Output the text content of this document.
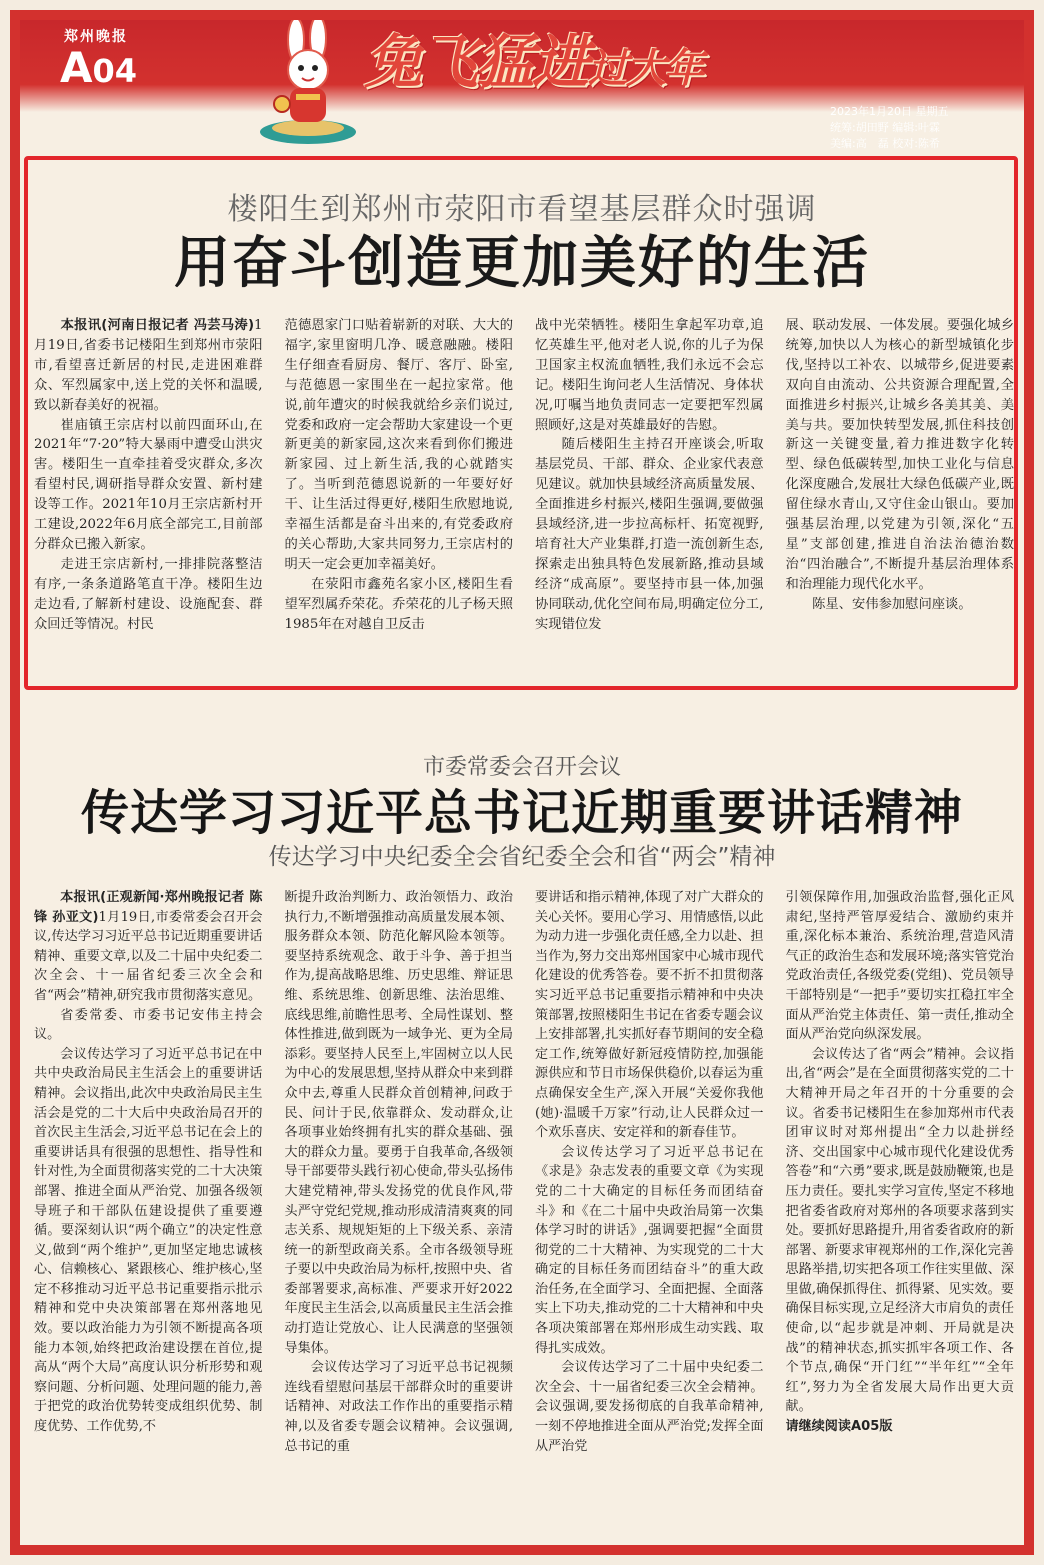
郑州晚报
A04	兔飞猛进过大年
2023年1月20日 星期五
统筹:胡田野 编辑:叶霖
美编:高　磊 校对:陈希
楼阳生到郑州市荥阳市看望基层群众时强调
用奋斗创造更加美好的生活

本报讯(河南日报记者 冯芸马涛)1月19日,省委书记楼阳生到郑州市荥阳市,看望喜迁新居的村民,走进困难群众、军烈属家中,送上党的关怀和温暖,致以新春美好的祝福。

崔庙镇王宗店村以前四面环山,在2021年“7·20”特大暴雨中遭受山洪灾害。楼阳生一直牵挂着受灾群众,多次看望村民,调研指导群众安置、新村建设等工作。2021年10月王宗店新村开工建设,2022年6月底全部完工,目前部分群众已搬入新家。

走进王宗店新村,一排排院落整洁有序,一条条道路笔直干净。楼阳生边走边看,了解新村建设、设施配套、群众回迁等情况。村民

范德恩家门口贴着崭新的对联、大大的福字,家里窗明几净、暖意融融。楼阳生仔细查看厨房、餐厅、客厅、卧室,与范德恩一家围坐在一起拉家常。他说,前年遭灾的时候我就给乡亲们说过,党委和政府一定会帮助大家建设一个更新更美的新家园,这次来看到你们搬进新家园、过上新生活,我的心就踏实了。当听到范德恩说新的一年要好好干、让生活过得更好,楼阳生欣慰地说,幸福生活都是奋斗出来的,有党委政府的关心帮助,大家共同努力,王宗店村的明天一定会更加幸福美好。

在荥阳市鑫苑名家小区,楼阳生看望军烈属乔荣花。乔荣花的儿子杨天照1985年在对越自卫反击

战中光荣牺牲。楼阳生拿起军功章,追忆英雄生平,他对老人说,你的儿子为保卫国家主权流血牺牲,我们永远不会忘记。楼阳生询问老人生活情况、身体状况,叮嘱当地负责同志一定要把军烈属照顾好,这是对英雄最好的告慰。

随后楼阳生主持召开座谈会,听取基层党员、干部、群众、企业家代表意见建议。就加快县域经济高质量发展、全面推进乡村振兴,楼阳生强调,要做强县域经济,进一步拉高标杆、拓宽视野,培育社大产业集群,打造一流创新生态,探索走出独具特色发展新路,推动县域经济“成高原”。要坚持市县一体,加强协同联动,优化空间布局,明确定位分工,实现错位发

展、联动发展、一体发展。要强化城乡统筹,加快以人为核心的新型城镇化步伐,坚持以工补农、以城带乡,促进要素双向自由流动、公共资源合理配置,全面推进乡村振兴,让城乡各美其美、美美与共。要加快转型发展,抓住科技创新这一关键变量,着力推进数字化转型、绿色低碳转型,加快工业化与信息化深度融合,发展壮大绿色低碳产业,既留住绿水青山,又守住金山银山。要加强基层治理,以党建为引领,深化“五星”支部创建,推进自治法治德治数治“四治融合”,不断提升基层治理体系和治理能力现代化水平。

陈星、安伟参加慰问座谈。

市委常委会召开会议
传达学习习近平总书记近期重要讲话精神
传达学习中央纪委全会省纪委全会和省“两会”精神

本报讯(正观新闻·郑州晚报记者 陈锋 孙亚文)1月19日,市委常委会召开会议,传达学习习近平总书记近期重要讲话精神、重要文章,以及二十届中央纪委二次全会、十一届省纪委三次全会和省“两会”精神,研究我市贯彻落实意见。

省委常委、市委书记安伟主持会议。

会议传达学习了习近平总书记在中共中央政治局民主生活会上的重要讲话精神。会议指出,此次中央政治局民主生活会是党的二十大后中央政治局召开的首次民主生活会,习近平总书记在会上的重要讲话具有很强的思想性、指导性和针对性,为全面贯彻落实党的二十大决策部署、推进全面从严治党、加强各级领导班子和干部队伍建设提供了重要遵循。要深刻认识“两个确立”的决定性意义,做到“两个维护”,更加坚定地忠诚核心、信赖核心、紧跟核心、维护核心,坚定不移推动习近平总书记重要指示批示精神和党中央决策部署在郑州落地见效。要以政治能力为引领不断提高各项能力本领,始终把政治建设摆在首位,提高从“两个大局”高度认识分析形势和观察问题、分析问题、处理问题的能力,善于把党的政治优势转变成组织优势、制度优势、工作优势,不

断提升政治判断力、政治领悟力、政治执行力,不断增强推动高质量发展本领、服务群众本领、防范化解风险本领等。要坚持系统观念、敢于斗争、善于担当作为,提高战略思维、历史思维、辩证思维、系统思维、创新思维、法治思维、底线思维,前瞻性思考、全局性谋划、整体性推进,做到既为一域争光、更为全局添彩。要坚持人民至上,牢固树立以人民为中心的发展思想,坚持从群众中来到群众中去,尊重人民群众首创精神,问政于民、问计于民,依靠群众、发动群众,让各项事业始终拥有扎实的群众基础、强大的群众力量。要勇于自我革命,各级领导干部要带头践行初心使命,带头弘扬伟大建党精神,带头发扬党的优良作风,带头严守党纪党规,推动形成清清爽爽的同志关系、规规矩矩的上下级关系、亲清统一的新型政商关系。全市各级领导班子要以中央政治局为标杆,按照中央、省委部署要求,高标准、严要求开好2022年度民主生活会,以高质量民主生活会推动打造让党放心、让人民满意的坚强领导集体。

会议传达学习了习近平总书记视频连线看望慰问基层干部群众时的重要讲话精神、对政法工作作出的重要指示精神,以及省委专题会议精神。会议强调,总书记的重

要讲话和指示精神,体现了对广大群众的关心关怀。要用心学习、用情感悟,以此为动力进一步强化责任感,全力以赴、担当作为,努力交出郑州国家中心城市现代化建设的优秀答卷。要不折不扣贯彻落实习近平总书记重要指示精神和中央决策部署,按照楼阳生书记在省委专题会议上安排部署,扎实抓好春节期间的安全稳定工作,统筹做好新冠疫情防控,加强能源供应和节日市场保供稳价,以春运为重点确保安全生产,深入开展“关爱你我他(她)·温暖千万家”行动,让人民群众过一个欢乐喜庆、安定祥和的新春佳节。

会议传达学习了习近平总书记在《求是》杂志发表的重要文章《为实现党的二十大确定的目标任务而团结奋斗》和《在二十届中央政治局第一次集体学习时的讲话》,强调要把握“全面贯彻党的二十大精神、为实现党的二十大确定的目标任务而团结奋斗”的重大政治任务,在全面学习、全面把握、全面落实上下功夫,推动党的二十大精神和中央各项决策部署在郑州形成生动实践、取得扎实成效。

会议传达学习了二十届中央纪委二次全会、十一届省纪委三次全会精神。会议强调,要发扬彻底的自我革命精神,一刻不停地推进全面从严治党;发挥全面从严治党

引领保障作用,加强政治监督,强化正风肃纪,坚持严管厚爱结合、激励约束并重,深化标本兼治、系统治理,营造风清气正的政治生态和发展环境;落实管党治党政治责任,各级党委(党组)、党员领导干部特别是“一把手”要切实扛稳扛牢全面从严治党主体责任、第一责任,推动全面从严治党向纵深发展。

会议传达了省“两会”精神。会议指出,省“两会”是在全面贯彻落实党的二十大精神开局之年召开的十分重要的会议。省委书记楼阳生在参加郑州市代表团审议时对郑州提出“全力以赴拼经济、交出国家中心城市现代化建设优秀答卷”和“六勇”要求,既是鼓励鞭策,也是压力责任。要扎实学习宣传,坚定不移地把省委省政府对郑州的各项要求落到实处。要抓好思路提升,用省委省政府的新部署、新要求审视郑州的工作,深化完善思路举措,切实把各项工作往实里做、深里做,确保抓得住、抓得紧、见实效。要确保目标实现,立足经济大市肩负的责任使命,以“起步就是冲刺、开局就是决战”的精神状态,抓实抓牢各项工作、各个节点,确保“开门红”“半年红”“全年红”,努力为全省发展大局作出更大贡献。

请继续阅读A05版
